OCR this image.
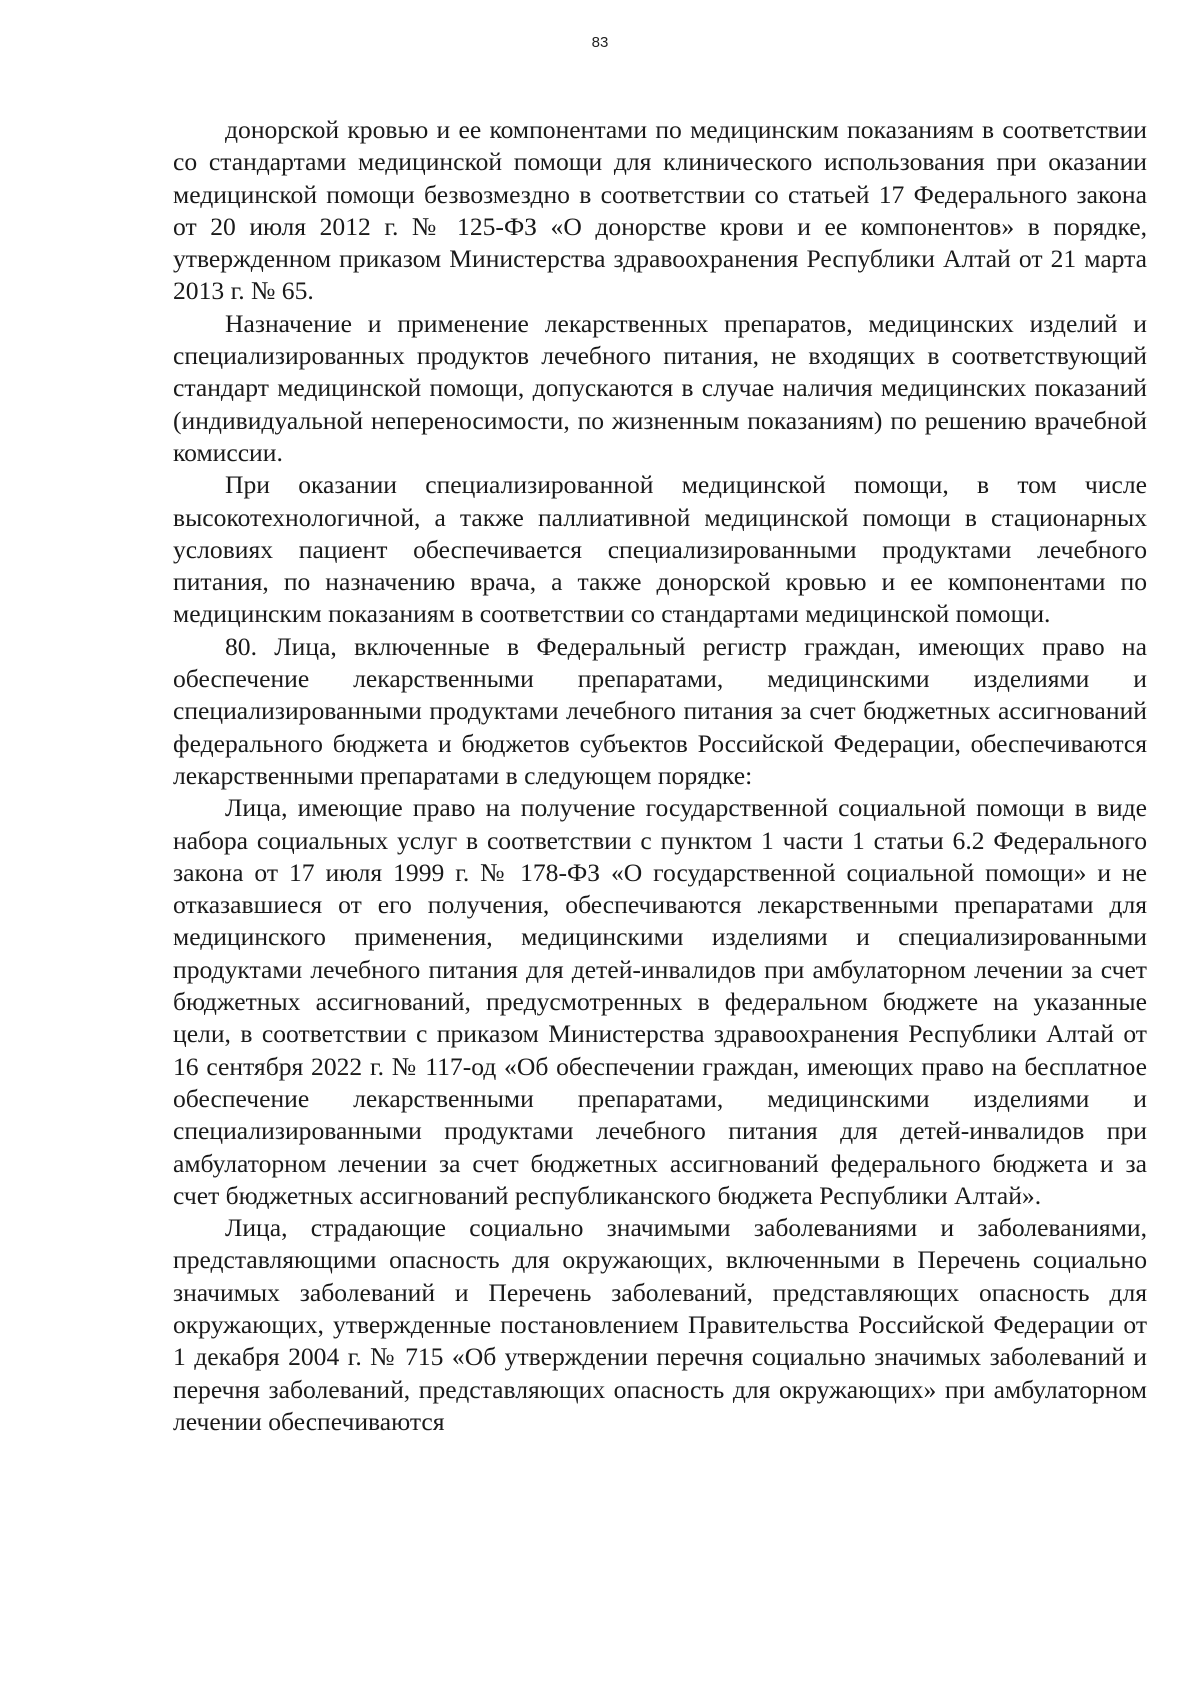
83

донорской кровью и ее компонентами по медицинским показаниям в соответствии со стандартами медицинской помощи для клинического использования при оказании медицинской помощи безвозмездно в соответствии со статьей 17 Федерального закона от 20 июля 2012 г. № 125-ФЗ «О донорстве крови и ее компонентов» в порядке, утвержденном приказом Министерства здравоохранения Республики Алтай от 21 марта 2013 г. № 65.

Назначение и применение лекарственных препаратов, медицинских изделий и специализированных продуктов лечебного питания, не входящих в соответствующий стандарт медицинской помощи, допускаются в случае наличия медицинских показаний (индивидуальной непереносимости, по жизненным показаниям) по решению врачебной комиссии.

При оказании специализированной медицинской помощи, в том числе высокотехнологичной, а также паллиативной медицинской помощи в стационарных условиях пациент обеспечивается специализированными продуктами лечебного питания, по назначению врача, а также донорской кровью и ее компонентами по медицинским показаниям в соответствии со стандартами медицинской помощи.

80. Лица, включенные в Федеральный регистр граждан, имеющих право на обеспечение лекарственными препаратами, медицинскими изделиями и специализированными продуктами лечебного питания за счет бюджетных ассигнований федерального бюджета и бюджетов субъектов Российской Федерации, обеспечиваются лекарственными препаратами в следующем порядке:

Лица, имеющие право на получение государственной социальной помощи в виде набора социальных услуг в соответствии с пунктом 1 части 1 статьи 6.2 Федерального закона от 17 июля 1999 г. № 178-ФЗ «О государственной социальной помощи» и не отказавшиеся от его получения, обеспечиваются лекарственными препаратами для медицинского применения, медицинскими изделиями и специализированными продуктами лечебного питания для детей-инвалидов при амбулаторном лечении за счет бюджетных ассигнований, предусмотренных в федеральном бюджете на указанные цели, в соответствии с приказом Министерства здравоохранения Республики Алтай от 16 сентября 2022 г. № 117-од «Об обеспечении граждан, имеющих право на бесплатное обеспечение лекарственными препаратами, медицинскими изделиями и специализированными продуктами лечебного питания для детей-инвалидов при амбулаторном лечении за счет бюджетных ассигнований федерального бюджета и за счет бюджетных ассигнований республиканского бюджета Республики Алтай».

Лица, страдающие социально значимыми заболеваниями и заболеваниями, представляющими опасность для окружающих, включенными в Перечень социально значимых заболеваний и Перечень заболеваний, представляющих опасность для окружающих, утвержденные постановлением Правительства Российской Федерации от 1 декабря 2004 г. № 715 «Об утверждении перечня социально значимых заболеваний и перечня заболеваний, представляющих опасность для окружающих» при амбулаторном лечении обеспечиваются
